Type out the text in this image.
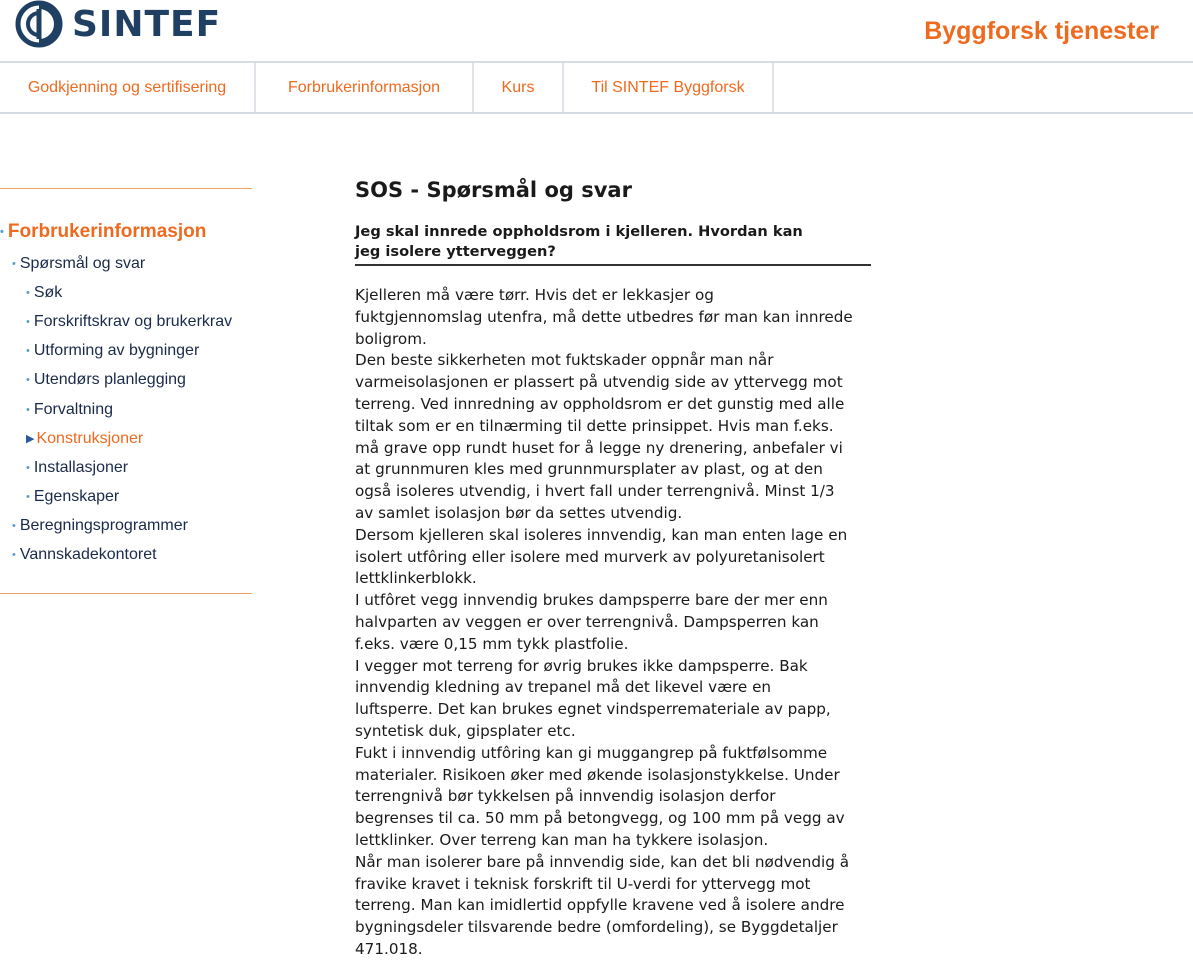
SINTEF	Byggforsk tjenester
Godkjenning og sertifisering	Forbrukerinformasjon	Kurs	Til SINTEF Byggforsk
• Forbrukerinformasjon
• Spørsmål og svar
• Søk
• Forskriftskrav og brukerkrav
• Utforming av bygninger
• Utendørs planlegging
• Forvaltning
▶ Konstruksjoner
• Installasjoner
• Egenskaper
• Beregningsprogrammer
• Vannskadekontoret
SOS - Spørsmål og svar
Jeg skal innrede oppholdsrom i kjelleren. Hvordan kan
jeg isolere ytterveggen?
Kjelleren må være tørr. Hvis det er lekkasjer og
fuktgjennomslag utenfra, må dette utbedres før man kan innrede
boligrom.
Den beste sikkerheten mot fuktskader oppnår man når
varmeisolasjonen er plassert på utvendig side av yttervegg mot
terreng. Ved innredning av oppholdsrom er det gunstig med alle
tiltak som er en tilnærming til dette prinsippet. Hvis man f.eks.
må grave opp rundt huset for å legge ny drenering, anbefaler vi
at grunnmuren kles med grunnmursplater av plast, og at den
også isoleres utvendig, i hvert fall under terrengnivå. Minst 1/3
av samlet isolasjon bør da settes utvendig.
Dersom kjelleren skal isoleres innvendig, kan man enten lage en
isolert utfôring eller isolere med murverk av polyuretanisolert
lettklinkerblokk.
I utfôret vegg innvendig brukes dampsperre bare der mer enn
halvparten av veggen er over terrengnivå. Dampsperren kan
f.eks. være 0,15 mm tykk plastfolie.
I vegger mot terreng for øvrig brukes ikke dampsperre. Bak
innvendig kledning av trepanel må det likevel være en
luftsperre. Det kan brukes egnet vindsperremateriale av papp,
syntetisk duk, gipsplater etc.
Fukt i innvendig utfôring kan gi muggangrep på fuktfølsomme
materialer. Risikoen øker med økende isolasjonstykkelse. Under
terrengnivå bør tykkelsen på innvendig isolasjon derfor
begrenses til ca. 50 mm på betongvegg, og 100 mm på vegg av
lettklinker. Over terreng kan man ha tykkere isolasjon.
Når man isolerer bare på innvendig side, kan det bli nødvendig å
fravike kravet i teknisk forskrift til U-verdi for yttervegg mot
terreng. Man kan imidlertid oppfylle kravene ved å isolere andre
bygningsdeler tilsvarende bedre (omfordeling), se Byggdetaljer
471.018.
